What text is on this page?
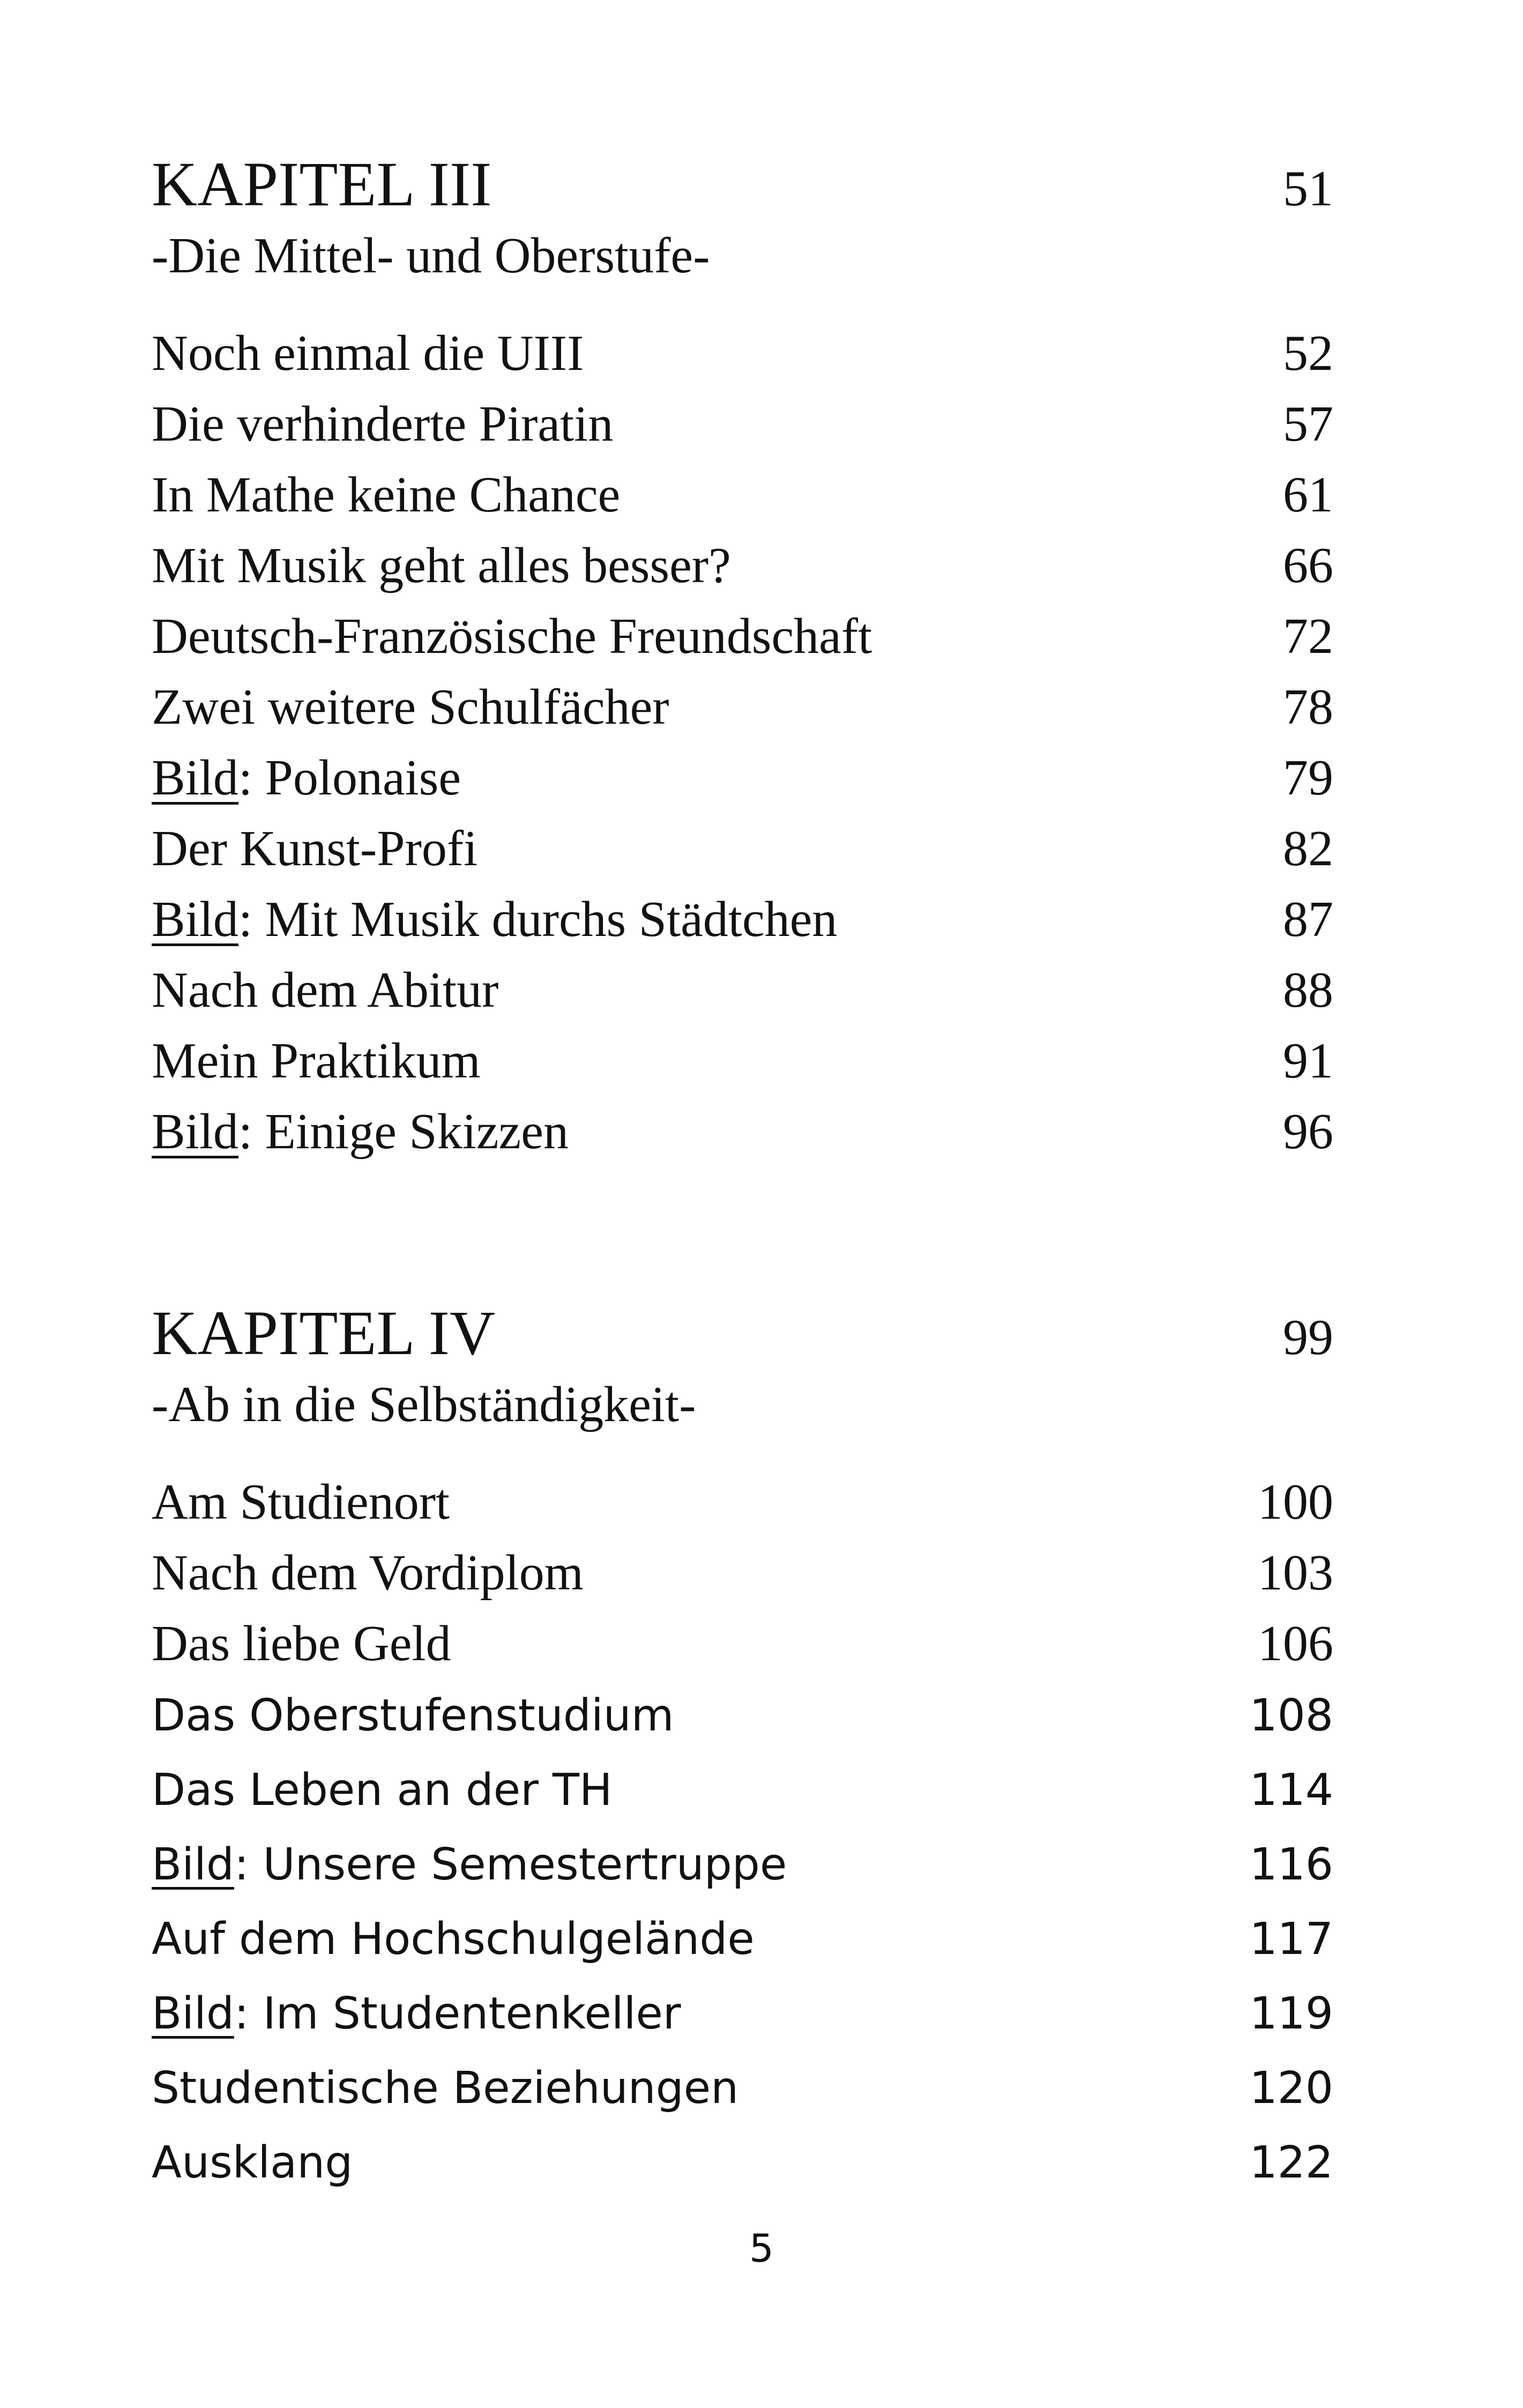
KAPITEL III	51
-Die Mittel- und Oberstufe-
Noch einmal die UIII	52
Die verhinderte Piratin	57
In Mathe keine Chance	61
Mit Musik geht alles besser?	66
Deutsch-Französische Freundschaft	72
Zwei weitere Schulfächer	78
Bild: Polonaise	79
Der Kunst-Profi	82
Bild: Mit Musik durchs Städtchen	87
Nach dem Abitur	88
Mein Praktikum	91
Bild: Einige Skizzen	96
KAPITEL IV	99
-Ab in die Selbständigkeit-
Am Studienort	100
Nach dem Vordiplom	103
Das liebe Geld	106
Das Oberstufenstudium	108
Das Leben an der TH	114
Bild: Unsere Semestertruppe	116
Auf dem Hochschulgelände	117
Bild: Im Studentenkeller	119
Studentische Beziehungen	120
Ausklang	122
5
